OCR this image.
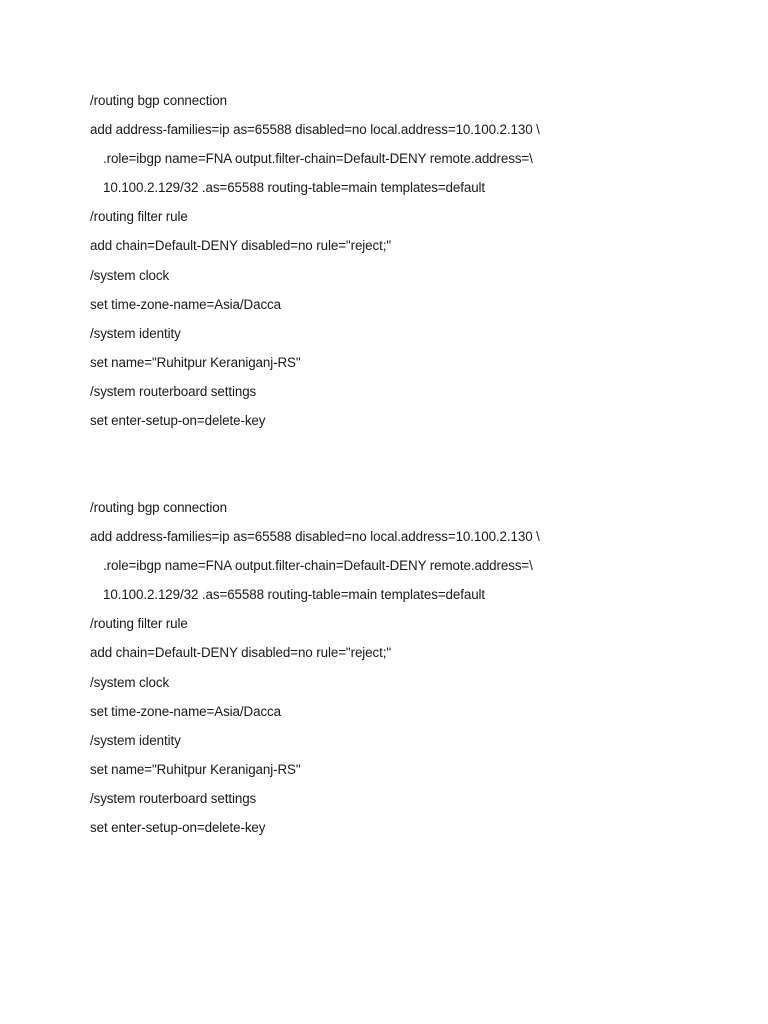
/routing bgp connection
add address-families=ip as=65588 disabled=no local.address=10.100.2.130 \
.role=ibgp name=FNA output.filter-chain=Default-DENY remote.address=\
10.100.2.129/32 .as=65588 routing-table=main templates=default
/routing filter rule
add chain=Default-DENY disabled=no rule="reject;"
/system clock
set time-zone-name=Asia/Dacca
/system identity
set name="Ruhitpur Keraniganj-RS"
/system routerboard settings
set enter-setup-on=delete-key
/routing bgp connection
add address-families=ip as=65588 disabled=no local.address=10.100.2.130 \
.role=ibgp name=FNA output.filter-chain=Default-DENY remote.address=\
10.100.2.129/32 .as=65588 routing-table=main templates=default
/routing filter rule
add chain=Default-DENY disabled=no rule="reject;"
/system clock
set time-zone-name=Asia/Dacca
/system identity
set name="Ruhitpur Keraniganj-RS"
/system routerboard settings
set enter-setup-on=delete-key
